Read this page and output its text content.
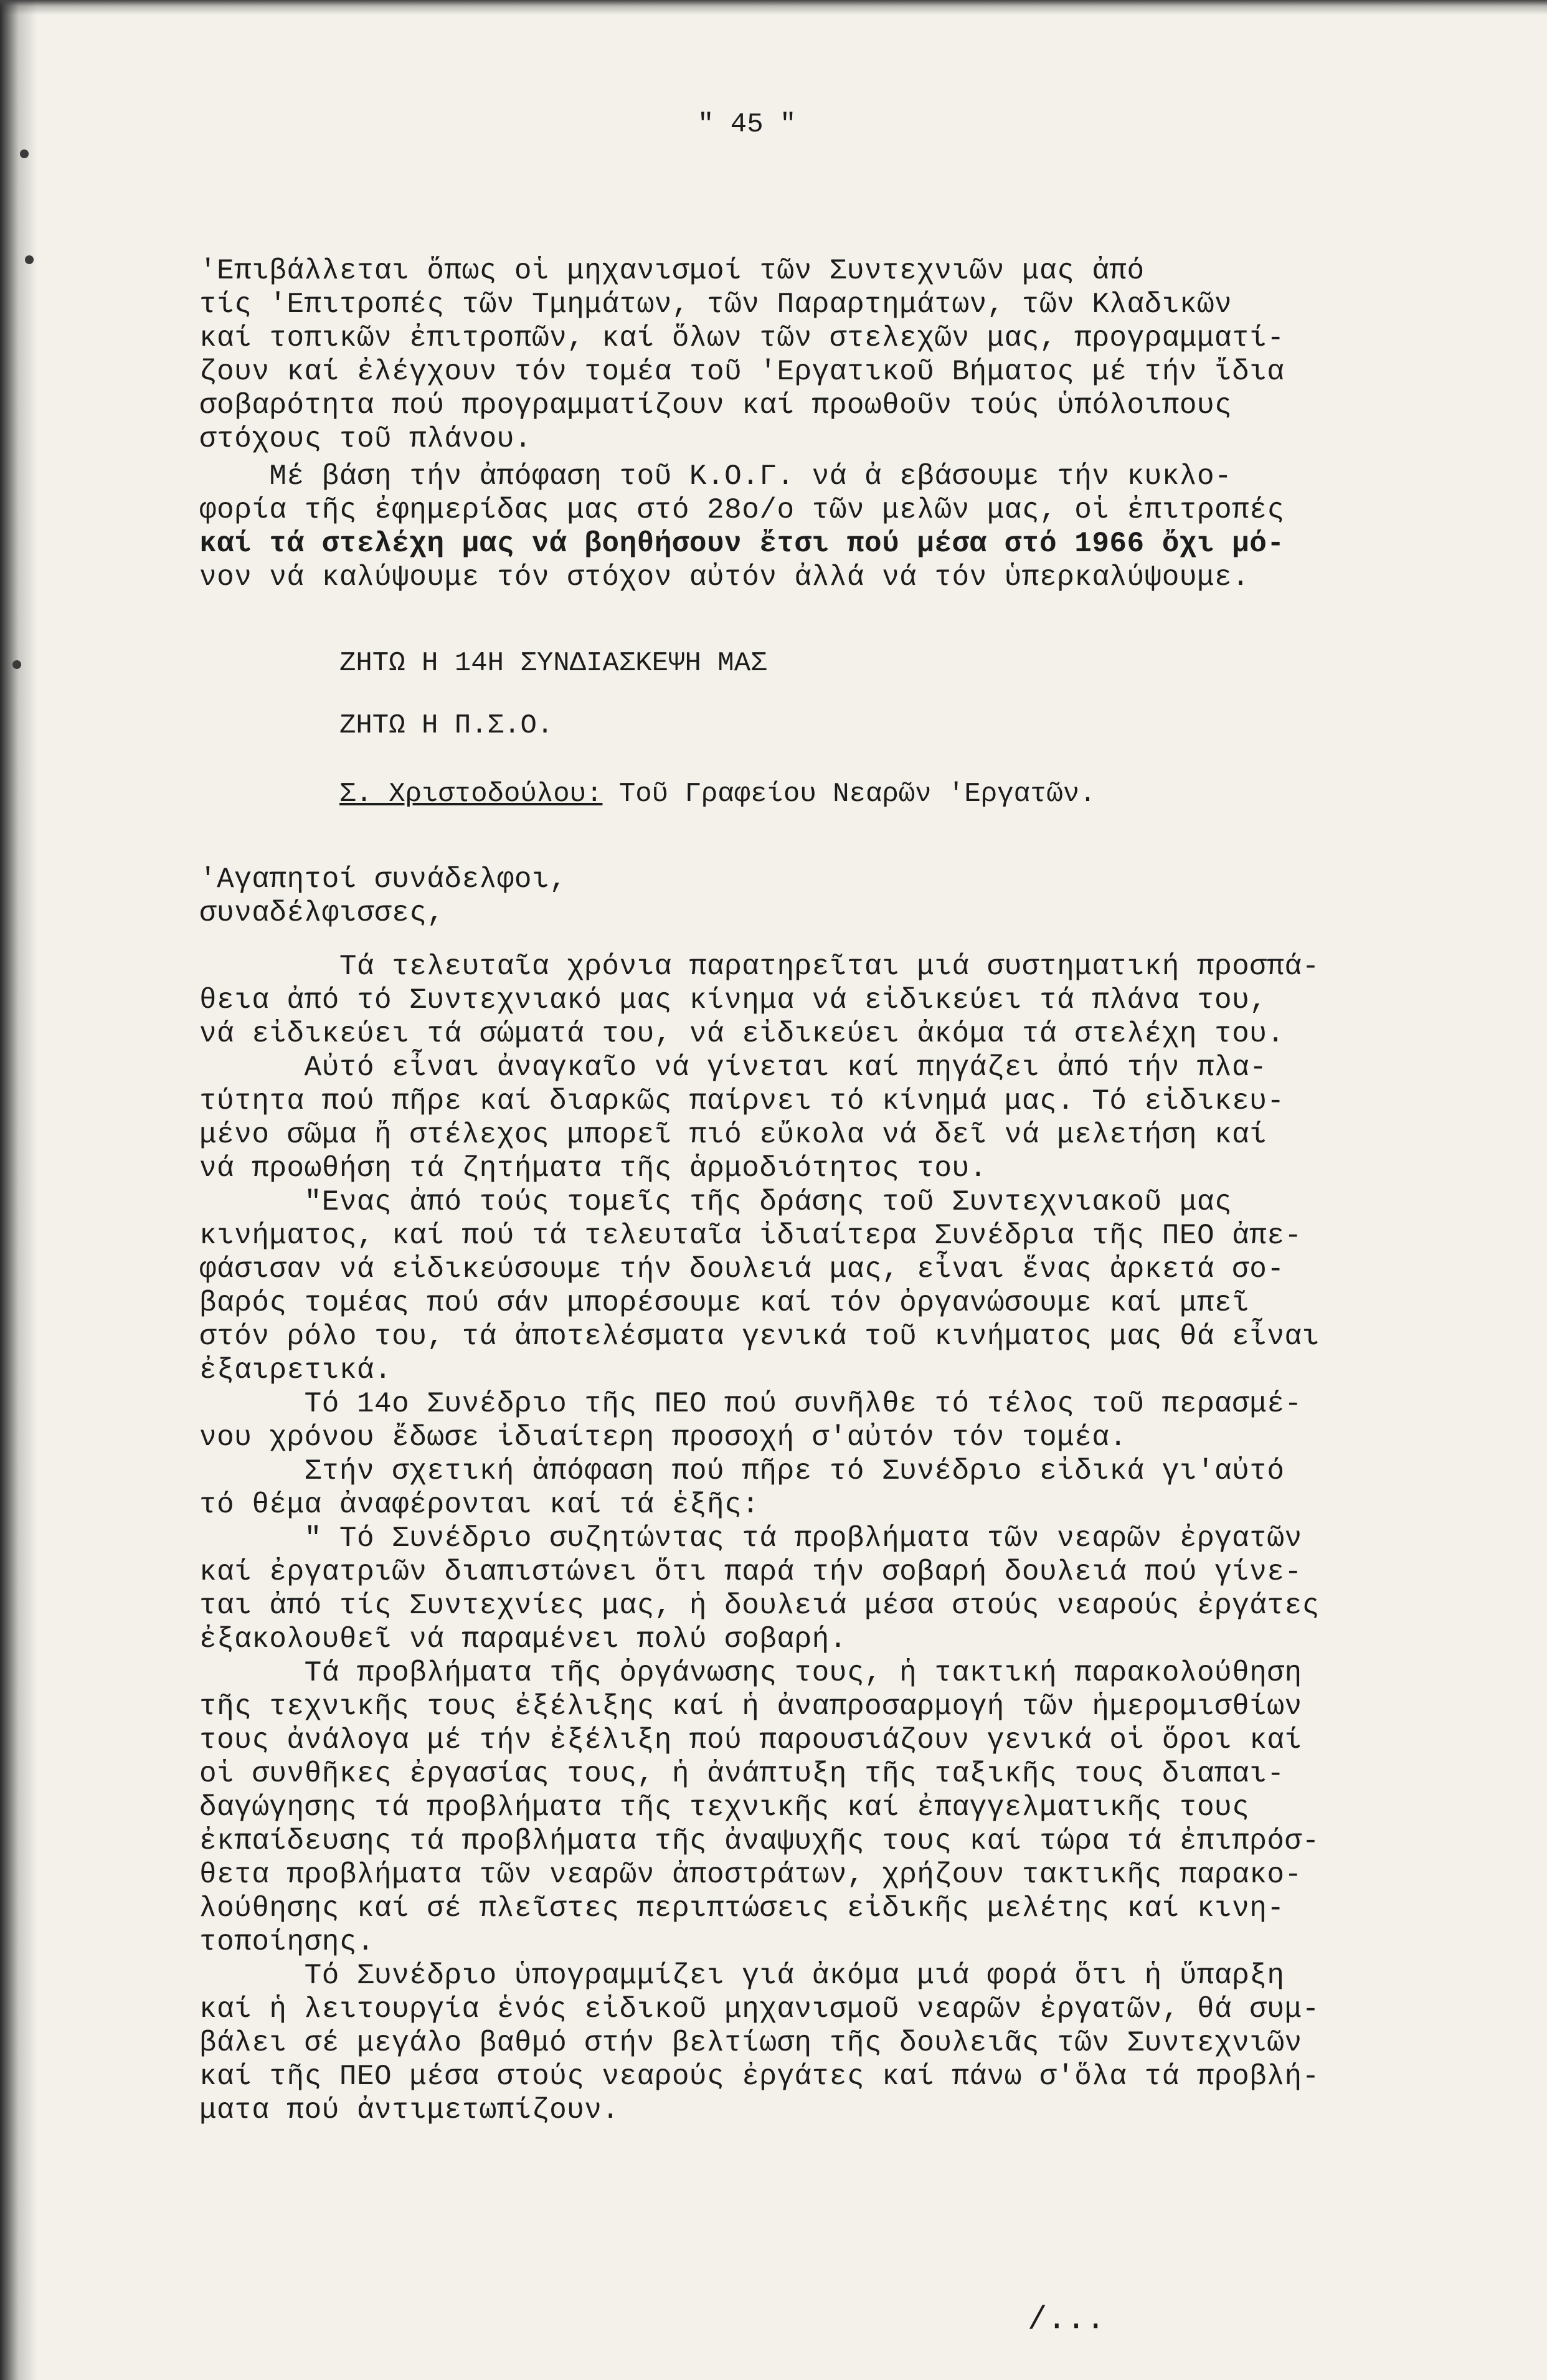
" 45 "
'Επιβάλλεται ὅπως οἱ μηχανισμοί τῶν Συντεχνιῶν μας ἀπό
τίς 'Επιτροπές τῶν Τμημάτων, τῶν Παραρτημάτων, τῶν Κλαδικῶν
καί τοπικῶν ἐπιτροπῶν, καί ὅλων τῶν στελεχῶν μας, προγραμματί-
ζουν καί ἐλέγχουν τόν τομέα τοῦ 'Εργατικοῦ Βήματος μέ τήν ἴδια
σοβαρότητα πού προγραμματίζουν καί προωθοῦν τούς ὑπόλοιπους
στόχους τοῦ πλάνου.
Μέ βάση τήν ἀπόφαση τοῦ Κ.Ο.Γ. νά ἀ εβάσουμε τήν κυκλο-
φορία τῆς ἐφημερίδας μας στό 28ο/ο τῶν μελῶν μας, οἱ ἐπιτροπές
καί τά στελέχη μας νά βοηθήσουν ἔτσι πού μέσα στό 1966 ὄχι μό-
νον νά καλύψουμε τόν στόχον αὐτόν ἀλλά νά τόν ὑπερκαλύψουμε.
ΖΗΤΩ Η 14Η ΣΥΝΔΙΑΣΚΕΨΗ ΜΑΣ
ΖΗΤΩ Η Π.Σ.Ο.
Σ. Χριστοδούλου: Τοῦ Γραφείου Νεαρῶν 'Εργατῶν.
'Αγαπητοί συνάδελφοι,
συναδέλφισσες,
Τά τελευταῖα χρόνια παρατηρεῖται μιά συστηματική προσπά-
θεια ἀπό τό Συντεχνιακό μας κίνημα νά εἰδικεύει τά πλάνα του,
νά εἰδικεύει τά σώματά του, νά εἰδικεύει ἀκόμα τά στελέχη του.
Αὐτό εἶναι ἀναγκαῖο νά γίνεται καί πηγάζει ἀπό τήν πλα-
τύτητα πού πῆρε καί διαρκῶς παίρνει τό κίνημά μας. Τό εἰδικευ-
μένο σῶμα ἤ στέλεχος μπορεῖ πιό εὔκολα νά δεῖ νά μελετήση καί
νά προωθήση τά ζητήματα τῆς ἁρμοδιότητος του.
"Ενας ἀπό τούς τομεῖς τῆς δράσης τοῦ Συντεχνιακοῦ μας
κινήματος, καί πού τά τελευταῖα ἰδιαίτερα Συνέδρια τῆς ΠΕΟ ἀπε-
φάσισαν νά εἰδικεύσουμε τήν δουλειά μας, εἶναι ἕνας ἀρκετά σο-
βαρός τομέας πού σάν μπορέσουμε καί τόν ὀργανώσουμε καί μπεῖ
στόν ρόλο του, τά ἀποτελέσματα γενικά τοῦ κινήματος μας θά εἶναι
ἐξαιρετικά.
Τό 14ο Συνέδριο τῆς ΠΕΟ πού συνῆλθε τό τέλος τοῦ περασμέ-
νου χρόνου ἔδωσε ἰδιαίτερη προσοχή σ'αὐτόν τόν τομέα.
Στήν σχετική ἀπόφαση πού πῆρε τό Συνέδριο εἰδικά γι'αὐτό
τό θέμα ἀναφέρονται καί τά ἑξῆς:
" Τό Συνέδριο συζητώντας τά προβλήματα τῶν νεαρῶν ἐργατῶν
καί ἐργατριῶν διαπιστώνει ὅτι παρά τήν σοβαρή δουλειά πού γίνε-
ται ἀπό τίς Συντεχνίες μας, ἡ δουλειά μέσα στούς νεαρούς ἐργάτες
ἐξακολουθεῖ νά παραμένει πολύ σοβαρή.
Τά προβλήματα τῆς ὀργάνωσης τους, ἡ τακτική παρακολούθηση
τῆς τεχνικῆς τους ἐξέλιξης καί ἡ ἀναπροσαρμογή τῶν ἡμερομισθίων
τους ἀνάλογα μέ τήν ἐξέλιξη πού παρουσιάζουν γενικά οἱ ὅροι καί
οἱ συνθῆκες ἐργασίας τους, ἡ ἀνάπτυξη τῆς ταξικῆς τους διαπαι-
δαγώγησης τά προβλήματα τῆς τεχνικῆς καί ἐπαγγελματικῆς τους
ἐκπαίδευσης τά προβλήματα τῆς ἀναψυχῆς τους καί τώρα τά ἐπιπρόσ-
θετα προβλήματα τῶν νεαρῶν ἀποστράτων, χρήζουν τακτικῆς παρακο-
λούθησης καί σέ πλεῖστες περιπτώσεις εἰδικῆς μελέτης καί κινη-
τοποίησης.
Τό Συνέδριο ὑπογραμμίζει γιά ἀκόμα μιά φορά ὅτι ἡ ὕπαρξη
καί ἡ λειτουργία ἑνός εἰδικοῦ μηχανισμοῦ νεαρῶν ἐργατῶν, θά συμ-
βάλει σέ μεγάλο βαθμό στήν βελτίωση τῆς δουλειᾶς τῶν Συντεχνιῶν
καί τῆς ΠΕΟ μέσα στούς νεαρούς ἐργάτες καί πάνω σ'ὅλα τά προβλή-
ματα πού ἀντιμετωπίζουν.
/...
